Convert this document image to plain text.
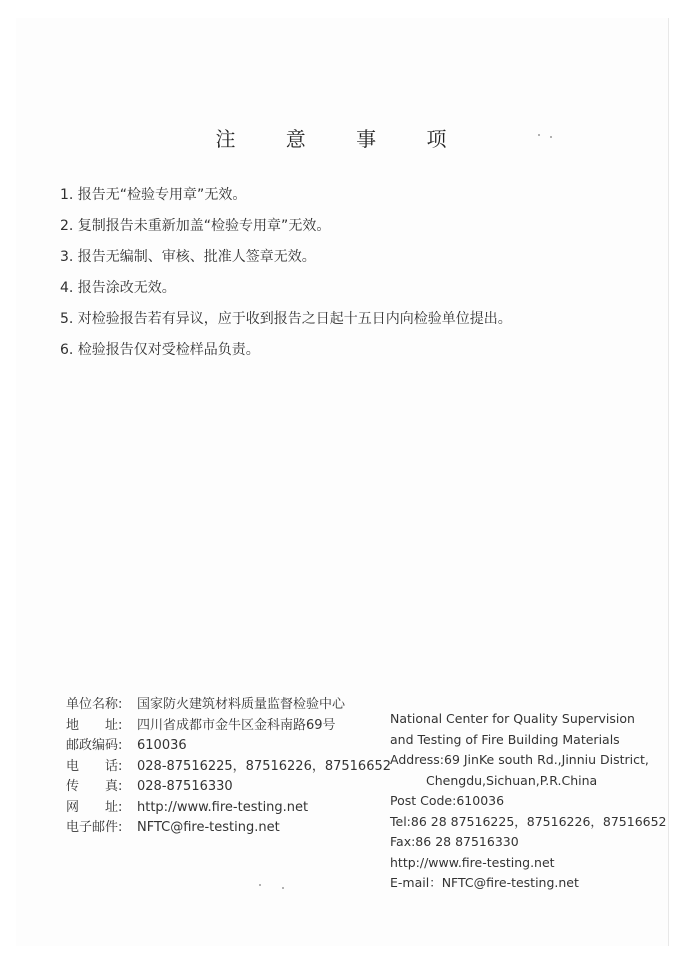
注 意 事 项
1. 报告无“检验专用章”无效。
2. 复制报告未重新加盖“检验专用章”无效。
3. 报告无编制、审核、批准人签章无效。
4. 报告涂改无效。
5. 对检验报告若有异议，应于收到报告之日起十五日内向检验单位提出。
6. 检验报告仅对受检样品负责。
单位名称:	国家防火建筑材料质量监督检验中心
地　　址:	四川省成都市金牛区金科南路69号
邮政编码:	610036
电　　话:	028-87516225，87516226，87516652
传　　真:	028-87516330
网　　址:	http://www.fire-testing.net
电子邮件:	NFTC@fire-testing.net
National Center for Quality Supervision
and Testing of Fire Building Materials
Address:69 JinKe south Rd.,Jinniu District,
Chengdu,Sichuan,P.R.China
Post Code:610036
Tel:86 28 87516225，87516226，87516652
Fax:86 28 87516330
http://www.fire-testing.net
E-mail：NFTC@fire-testing.net
